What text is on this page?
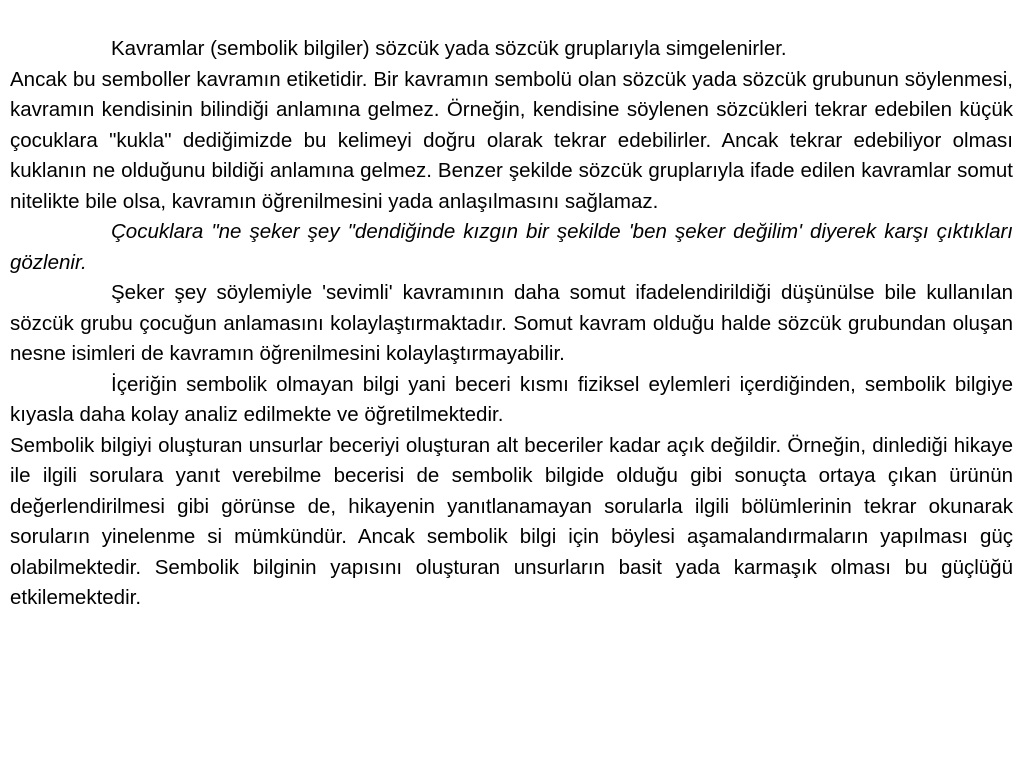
Kavramlar (sembolik bilgiler) sözcük yada sözcük gruplarıyla simgelenirler.

Ancak bu semboller kavramın etiketidir. Bir kavramın sembolü olan sözcük yada sözcük grubunun söylenmesi, kavramın kendisinin bilindiği anlamına gelmez. Örneğin, kendisine söylenen sözcükleri tekrar edebilen küçük çocuklara "kukla" dediğimizde bu kelimeyi doğru olarak tekrar edebilirler. Ancak tekrar edebiliyor olması kuklanın ne olduğunu bildiği anlamına gelmez. Benzer şekilde sözcük gruplarıyla ifade edilen kavramlar somut nitelikte bile olsa, kavramın öğrenilmesini yada anlaşılmasını sağlamaz.

Çocuklara "ne şeker şey "dendiğinde kızgın bir şekilde 'ben şeker değilim' diyerek karşı çıktıkları gözlenir.

Şeker şey söylemiyle 'sevimli' kavramının daha somut ifadelendirildiği düşünülse bile kullanılan sözcük grubu çocuğun anlamasını kolaylaştırmaktadır. Somut kavram olduğu halde sözcük grubundan oluşan nesne isimleri de kavramın öğrenilmesini kolaylaştırmayabilir.

İçeriğin sembolik olmayan bilgi yani beceri kısmı fiziksel eylemleri içerdiğinden, sembolik bilgiye kıyasla daha kolay analiz edilmekte ve öğretilmektedir.

Sembolik bilgiyi oluşturan unsurlar beceriyi oluşturan alt beceriler kadar açık değildir. Örneğin, dinlediği hikaye ile ilgili sorulara yanıt verebilme becerisi de sembolik bilgide olduğu gibi sonuçta ortaya çıkan ürünün değerlendirilmesi gibi görünse de, hikayenin yanıtlanamayan sorularla ilgili bölümlerinin tekrar okunarak soruların yinelenme si mümkündür. Ancak sembolik bilgi için böylesi aşamalandırmaların yapılması güç olabilmektedir. Sembolik bilginin yapısını oluşturan unsurların basit yada karmaşık olması bu güçlüğü etkilemektedir.
